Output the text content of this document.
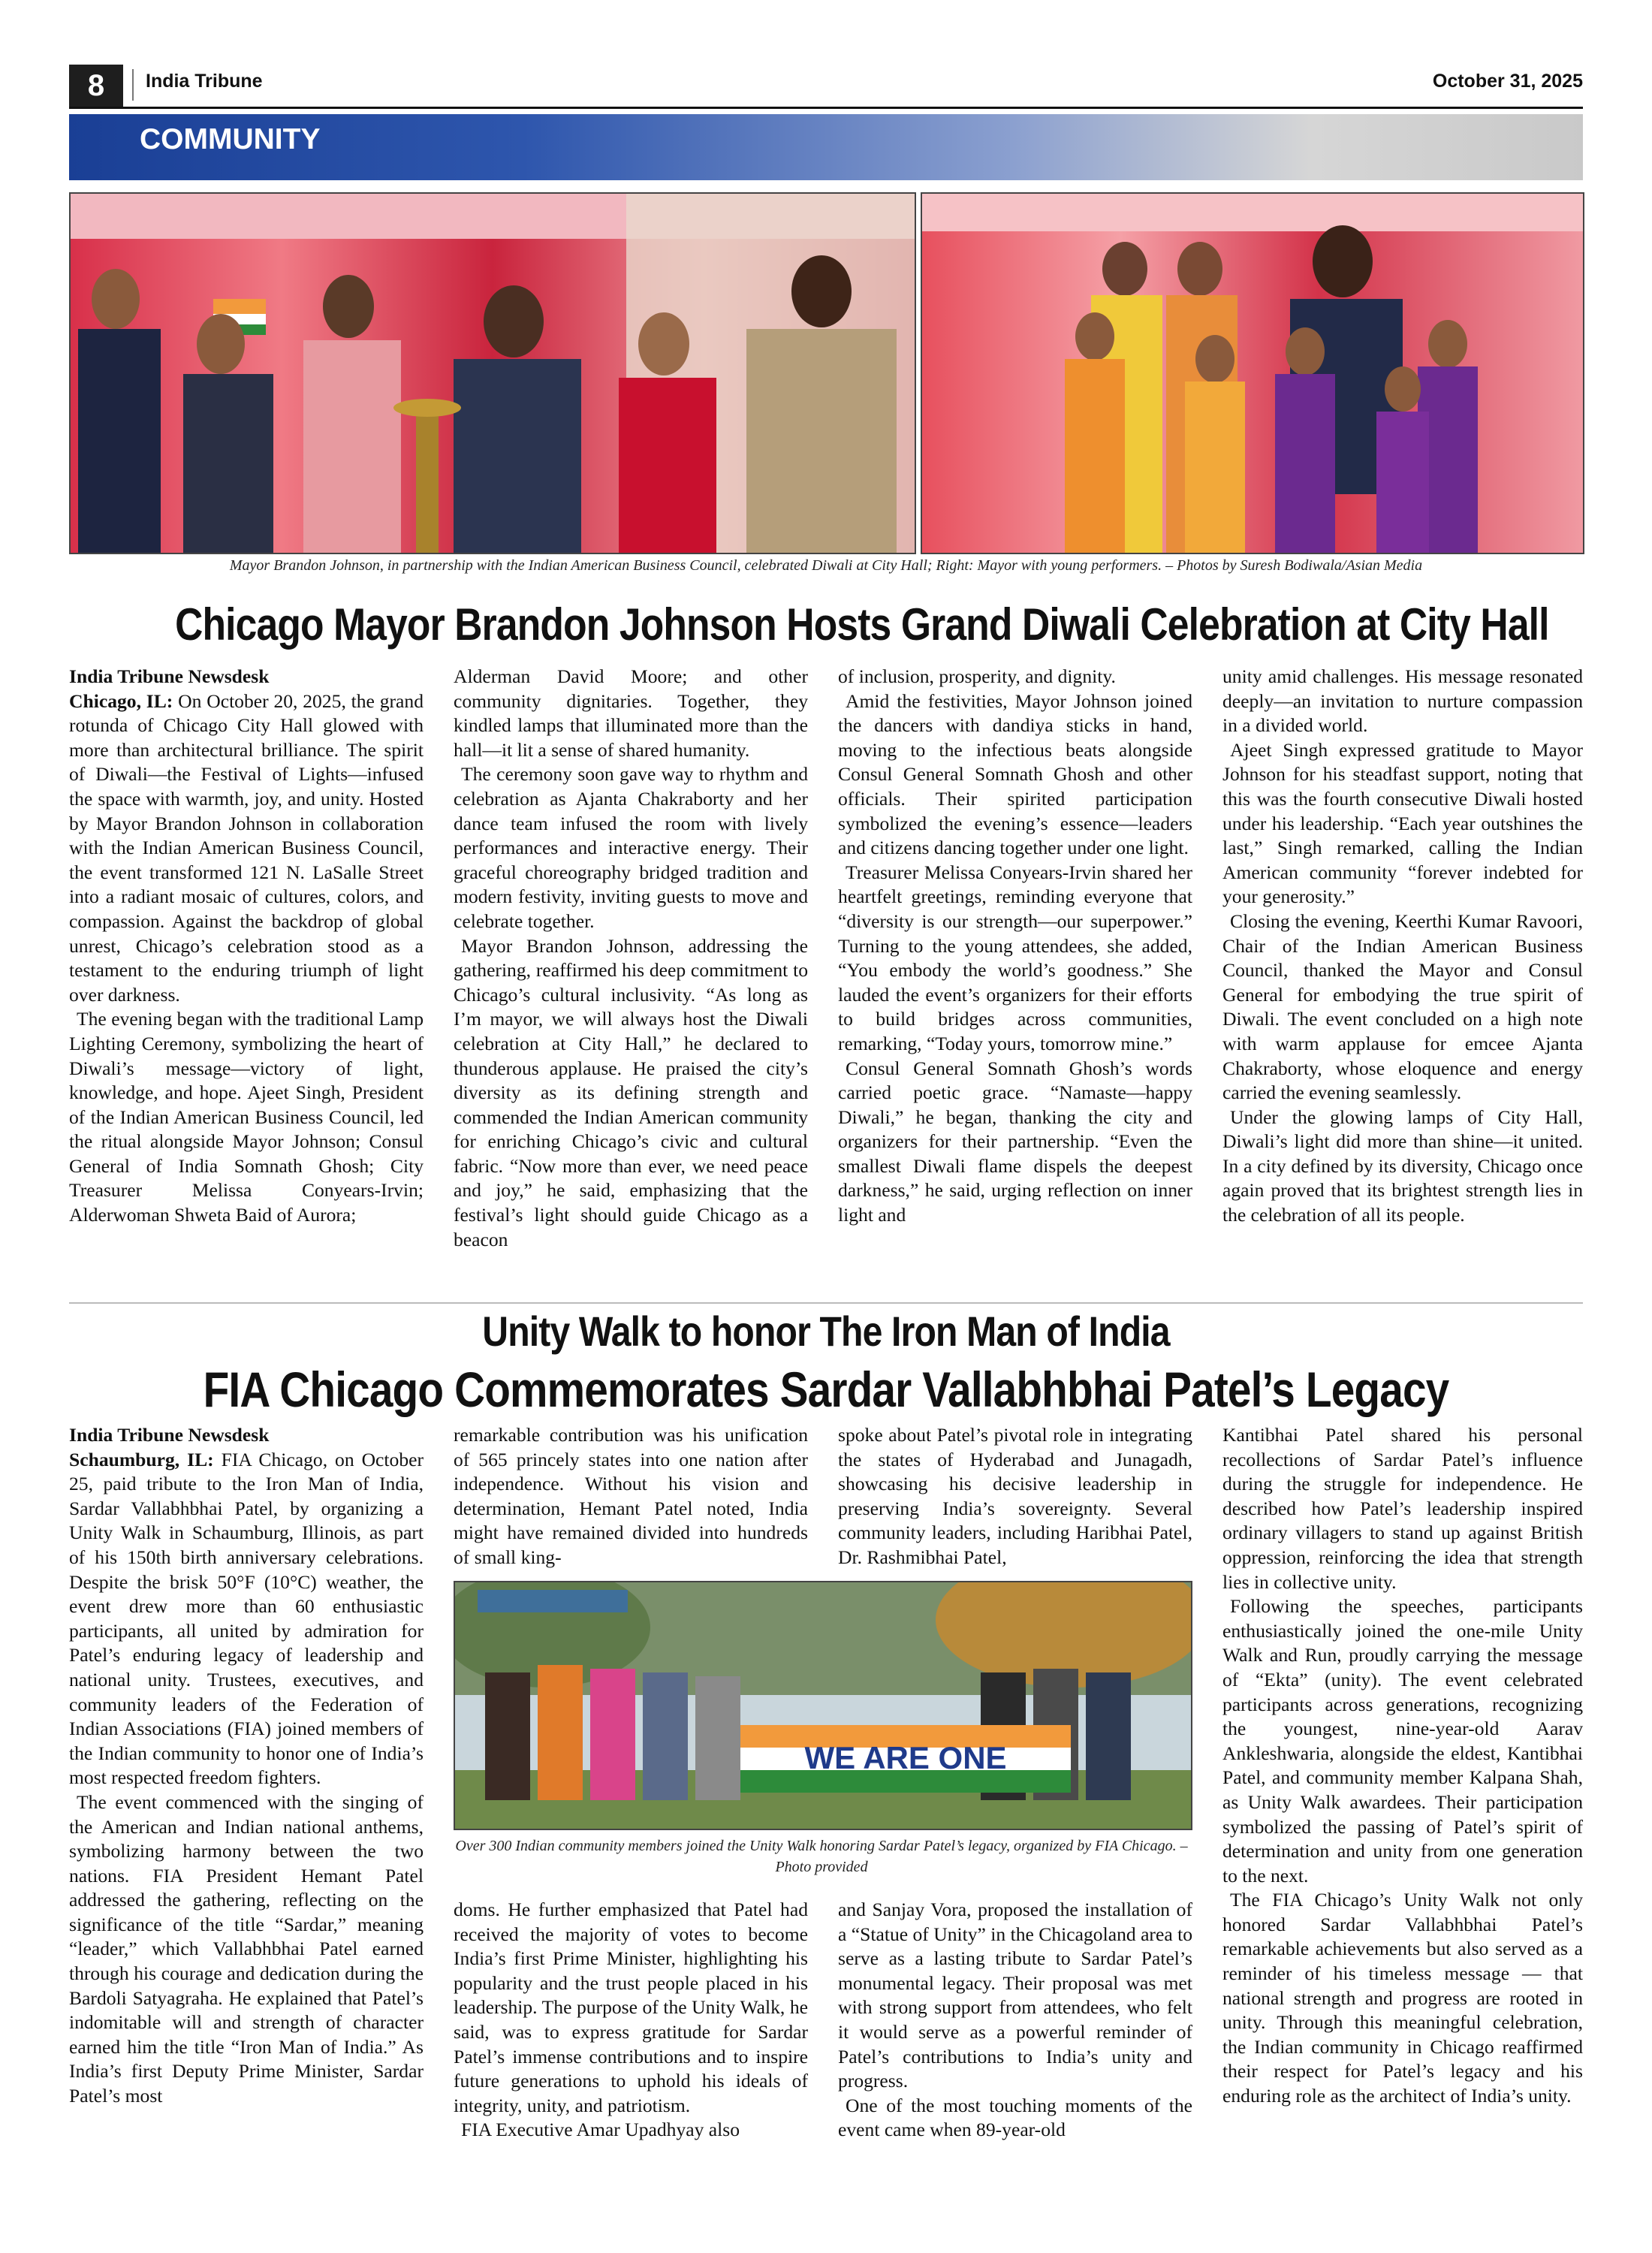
8	India Tribune	October 31, 2025
COMMUNITY
Mayor Brandon Johnson, in partnership with the Indian American Business Council, celebrated Diwali at City Hall; Right: Mayor with young performers. – Photos by Suresh Bodiwala/Asian Media
Chicago Mayor Brandon Johnson Hosts Grand Diwali Celebration at City Hall
India Tribune Newsdesk

Chicago, IL: On October 20, 2025, the grand rotunda of Chicago City Hall glowed with more than architectural brilliance. The spirit of Diwali—the Festival of Lights—infused the space with warmth, joy, and unity. Hosted by Mayor Brandon Johnson in collaboration with the Indian American Business Council, the event transformed 121 N. LaSalle Street into a radiant mosaic of cultures, colors, and compassion. Against the backdrop of global unrest, Chicago’s celebration stood as a testament to the enduring triumph of light over darkness.

The evening began with the traditional Lamp Lighting Ceremony, symbolizing the heart of Diwali’s message—victory of light, knowledge, and hope. Ajeet Singh, President of the Indian American Business Council, led the ritual alongside Mayor Johnson; Consul General of India Somnath Ghosh; City Treasurer Melissa Conyears-Irvin; Alderwoman Shweta Baid of Aurora;

Alderman David Moore; and other community dignitaries. Together, they kindled lamps that illuminated more than the hall—it lit a sense of shared humanity.

The ceremony soon gave way to rhythm and celebration as Ajanta Chakraborty and her dance team infused the room with lively performances and interactive energy. Their graceful choreography bridged tradition and modern festivity, inviting guests to move and celebrate together.

Mayor Brandon Johnson, addressing the gathering, reaffirmed his deep commitment to Chicago’s cultural inclusivity. “As long as I’m mayor, we will always host the Diwali celebration at City Hall,” he declared to thunderous applause. He praised the city’s diversity as its defining strength and commended the Indian American community for enriching Chicago’s civic and cultural fabric. “Now more than ever, we need peace and joy,” he said, emphasizing that the festival’s light should guide Chicago as a beacon

of inclusion, prosperity, and dignity.

Amid the festivities, Mayor Johnson joined the dancers with dandiya sticks in hand, moving to the infectious beats alongside Consul General Somnath Ghosh and other officials. Their spirited participation symbolized the evening’s essence—leaders and citizens dancing together under one light.

Treasurer Melissa Conyears-Irvin shared her heartfelt greetings, reminding everyone that “diversity is our strength—our superpower.” Turning to the young attendees, she added, “You embody the world’s goodness.” She lauded the event’s organizers for their efforts to build bridges across communities, remarking, “Today yours, tomorrow mine.”

Consul General Somnath Ghosh’s words carried poetic grace. “Namaste—happy Diwali,” he began, thanking the city and organizers for their partnership. “Even the smallest Diwali flame dispels the deepest darkness,” he said, urging reflection on inner light and

unity amid challenges. His message resonated deeply—an invitation to nurture compassion in a divided world.

Ajeet Singh expressed gratitude to Mayor Johnson for his steadfast support, noting that this was the fourth consecutive Diwali hosted under his leadership. “Each year outshines the last,” Singh remarked, calling the Indian American community “forever indebted for your generosity.”

Closing the evening, Keerthi Kumar Ravoori, Chair of the Indian American Business Council, thanked the Mayor and Consul General for embodying the true spirit of Diwali. The event concluded on a high note with warm applause for emcee Ajanta Chakraborty, whose eloquence and energy carried the evening seamlessly.

Under the glowing lamps of City Hall, Diwali’s light did more than shine—it united. In a city defined by its diversity, Chicago once again proved that its brightest strength lies in the celebration of all its people.

Unity Walk to honor The Iron Man of India
FIA Chicago Commemorates Sardar Vallabhbhai Patel’s Legacy
India Tribune Newsdesk

Schaumburg, IL: FIA Chicago, on October 25, paid tribute to the Iron Man of India, Sardar Vallabhbhai Patel, by organizing a Unity Walk in Schaumburg, Illinois, as part of his 150th birth anniversary celebrations. Despite the brisk 50°F (10°C) weather, the event drew more than 60 enthusiastic participants, all united by admiration for Patel’s enduring legacy of leadership and national unity. Trustees, executives, and community leaders of the Federation of Indian Associations (FIA) joined members of the Indian community to honor one of India’s most respected freedom fighters.

The event commenced with the singing of the American and Indian national anthems, symbolizing harmony between the two nations. FIA President Hemant Patel addressed the gathering, reflecting on the significance of the title “Sardar,” meaning “leader,” which Vallabhbhai Patel earned through his courage and dedication during the Bardoli Satyagraha. He explained that Patel’s indomitable will and strength of character earned him the title “Iron Man of India.” As India’s first Deputy Prime Minister, Sardar Patel’s most

remarkable contribution was his unification of 565 princely states into one nation after independence. Without his vision and determination, Hemant Patel noted, India might have remained divided into hundreds of small king-

spoke about Patel’s pivotal role in integrating the states of Hyderabad and Junagadh, showcasing his decisive leadership in preserving India’s sovereignty. Several community leaders, including Haribhai Patel, Dr. Rashmibhai Patel,

WE ARE ONE
Over 300 Indian community members joined the Unity Walk honoring Sardar Patel’s legacy, organized by FIA Chicago. – Photo provided

doms. He further emphasized that Patel had received the majority of votes to become India’s first Prime Minister, highlighting his popularity and the trust people placed in his leadership. The purpose of the Unity Walk, he said, was to express gratitude for Sardar Patel’s immense contributions and to inspire future generations to uphold his ideals of integrity, unity, and patriotism.

FIA Executive Amar Upadhyay also

and Sanjay Vora, proposed the installation of a “Statue of Unity” in the Chicagoland area to serve as a lasting tribute to Sardar Patel’s monumental legacy. Their proposal was met with strong support from attendees, who felt it would serve as a powerful reminder of Patel’s contributions to India’s unity and progress.

One of the most touching moments of the event came when 89-year-old

Kantibhai Patel shared his personal recollections of Sardar Patel’s influence during the struggle for independence. He described how Patel’s leadership inspired ordinary villagers to stand up against British oppression, reinforcing the idea that strength lies in collective unity.

Following the speeches, participants enthusiastically joined the one-mile Unity Walk and Run, proudly carrying the message of “Ekta” (unity). The event celebrated participants across generations, recognizing the youngest, nine-year-old Aarav Ankleshwaria, alongside the eldest, Kantibhai Patel, and community member Kalpana Shah, as Unity Walk awardees. Their participation symbolized the passing of Patel’s spirit of determination and unity from one generation to the next.

The FIA Chicago’s Unity Walk not only honored Sardar Vallabhbhai Patel’s remarkable achievements but also served as a reminder of his timeless message — that national strength and progress are rooted in unity. Through this meaningful celebration, the Indian community in Chicago reaffirmed their respect for Patel’s legacy and his enduring role as the architect of India’s unity.
